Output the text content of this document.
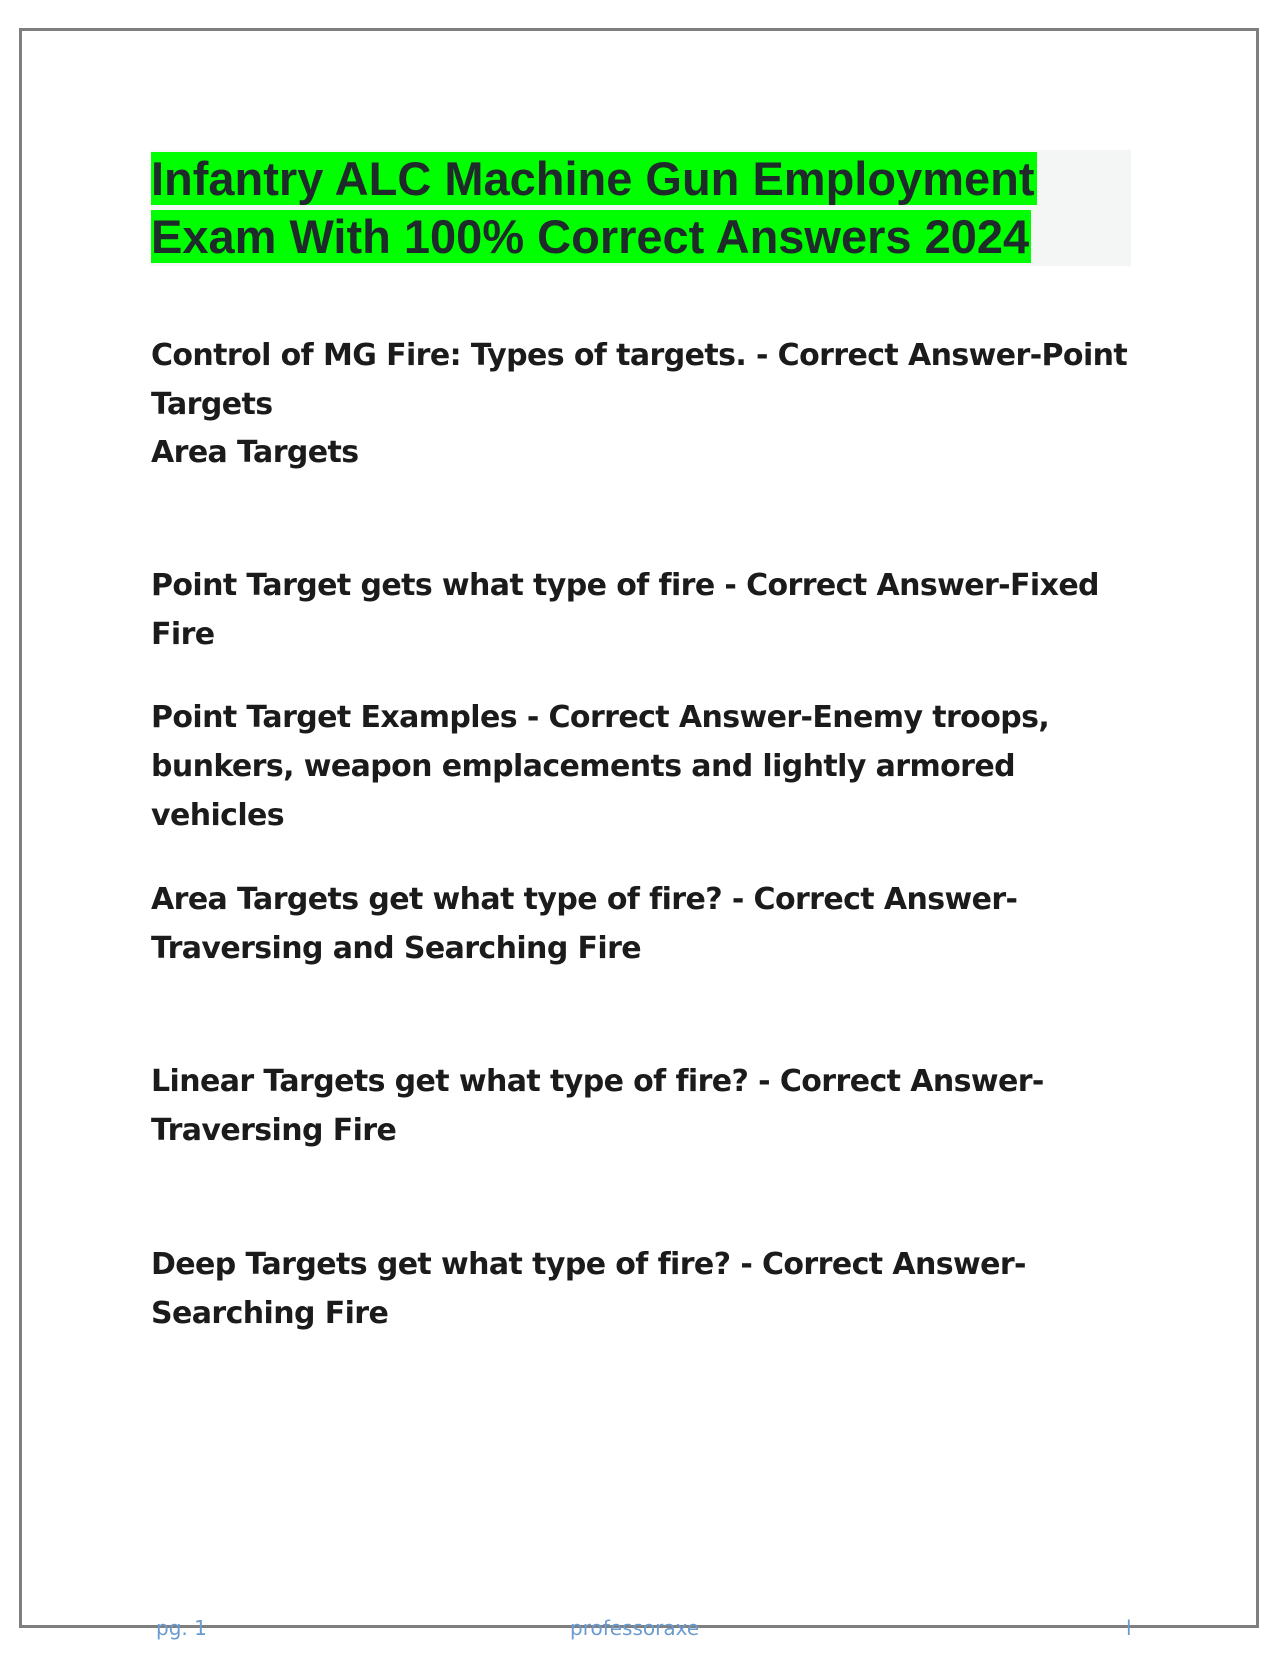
Infantry ALC Machine Gun Employment Exam With 100% Correct Answers 2024

Control of MG Fire: Types of targets. - Correct Answer-Point Targets

Area Targets

Point Target gets what type of fire - Correct Answer-Fixed Fire

Point Target Examples - Correct Answer-Enemy troops, bunkers, weapon emplacements and lightly armored vehicles

Area Targets get what type of fire? - Correct Answer-Traversing and Searching Fire

Linear Targets get what type of fire? - Correct Answer-Traversing Fire

Deep Targets get what type of fire? - Correct Answer-Searching Fire

pg. 1	professoraxe	l
